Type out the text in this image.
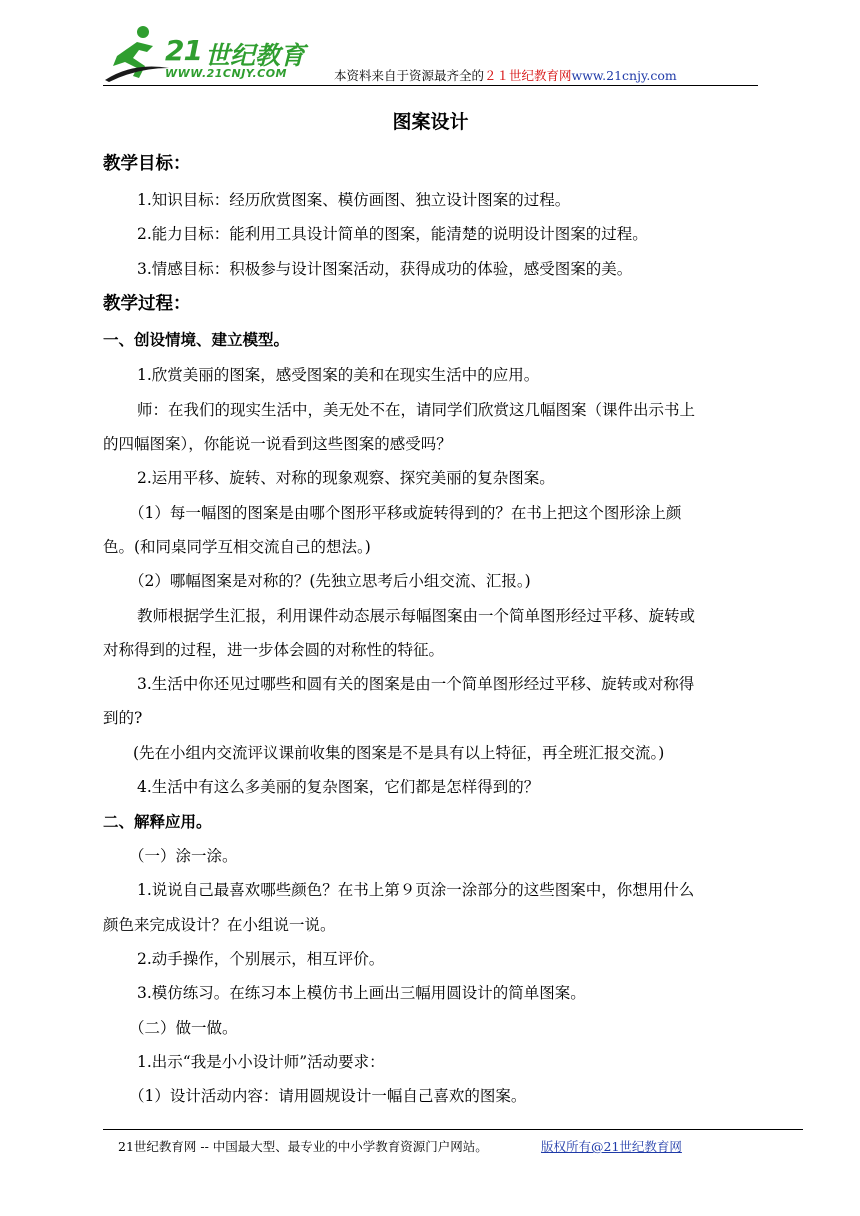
21 世纪教育
WWW.21CNJY.COM	本资料来自于资源最齐全的２１世纪教育网www.21cnjy.com
图案设计
教学目标：
1.知识目标：经历欣赏图案、模仿画图、独立设计图案的过程。
2.能力目标：能利用工具设计简单的图案，能清楚的说明设计图案的过程。
3.情感目标：积极参与设计图案活动，获得成功的体验，感受图案的美。
教学过程：
一、创设情境、建立模型。
1.欣赏美丽的图案，感受图案的美和在现实生活中的应用。
师：在我们的现实生活中，美无处不在，请同学们欣赏这几幅图案（课件出示书上
的四幅图案），你能说一说看到这些图案的感受吗？
2.运用平移、旋转、对称的现象观察、探究美丽的复杂图案。
（1）每一幅图的图案是由哪个图形平移或旋转得到的？在书上把这个图形涂上颜
色。(和同桌同学互相交流自己的想法。)
（2）哪幅图案是对称的？(先独立思考后小组交流、汇报。)
教师根据学生汇报，利用课件动态展示每幅图案由一个简单图形经过平移、旋转或
对称得到的过程，进一步体会圆的对称性的特征。
3.生活中你还见过哪些和圆有关的图案是由一个简单图形经过平移、旋转或对称得
到的?
(先在小组内交流评议课前收集的图案是不是具有以上特征，再全班汇报交流。)
4.生活中有这么多美丽的复杂图案，它们都是怎样得到的？
二、解释应用。
（一）涂一涂。
1.说说自己最喜欢哪些颜色？在书上第９页涂一涂部分的这些图案中，你想用什么
颜色来完成设计？在小组说一说。
2.动手操作，个别展示，相互评价。
3.模仿练习。在练习本上模仿书上画出三幅用圆设计的简单图案。
（二）做一做。
1.出示“我是小小设计师”活动要求：
（1）设计活动内容：请用圆规设计一幅自己喜欢的图案。
21世纪教育网 -- 中国最大型、最专业的中小学教育资源门户网站。	版权所有@21世纪教育网
